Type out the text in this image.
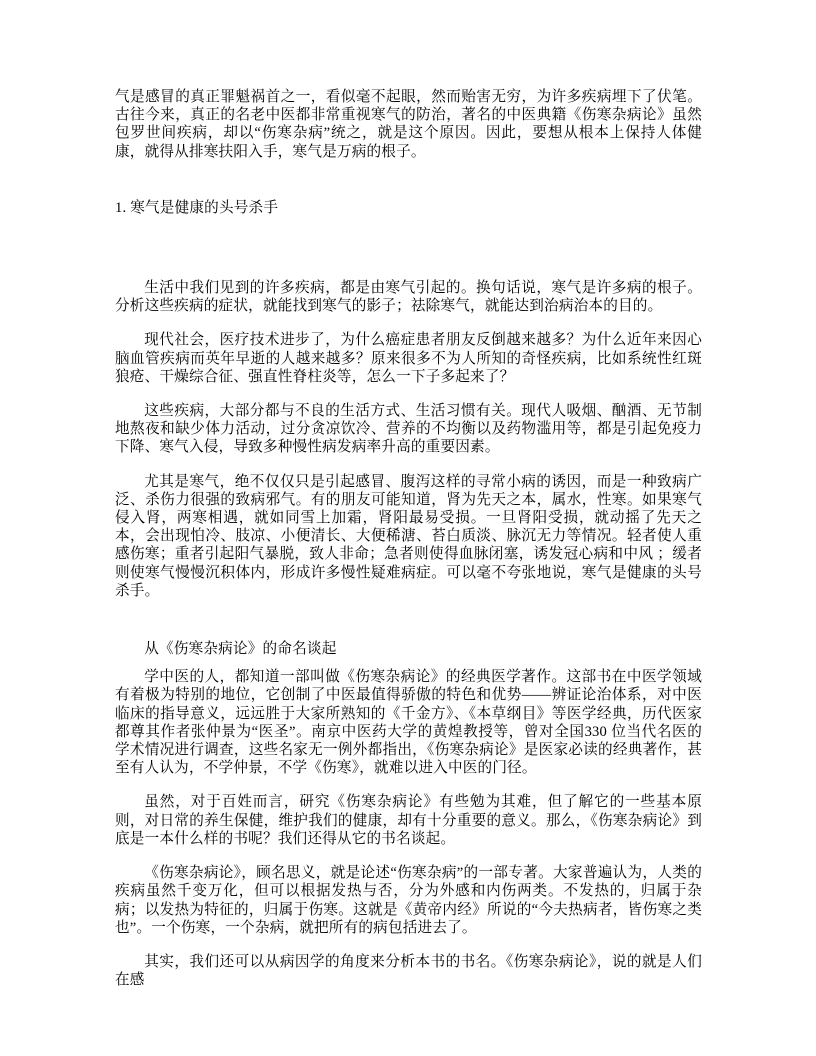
气是感冒的真正罪魁祸首之一，看似毫不起眼，然而贻害无穷，为许多疾病埋下了伏笔。古往今来，真正的名老中医都非常重视寒气的防治，著名的中医典籍《伤寒杂病论》虽然包罗世间疾病，却以“伤寒杂病”统之，就是这个原因。因此，要想从根本上保持人体健康，就得从排寒扶阳入手，寒气是万病的根子。

1. 寒气是健康的头号杀手

生活中我们见到的许多疾病，都是由寒气引起的。换句话说，寒气是许多病的根子。分析这些疾病的症状，就能找到寒气的影子；祛除寒气，就能达到治病治本的目的。

现代社会，医疗技术进步了，为什么癌症患者朋友反倒越来越多？为什么近年来因心脑血管疾病而英年早逝的人越来越多？原来很多不为人所知的奇怪疾病，比如系统性红斑狼疮、干燥综合征、强直性脊柱炎等，怎么一下子多起来了？

这些疾病，大部分都与不良的生活方式、生活习惯有关。现代人吸烟、酗酒、无节制地熬夜和缺少体力活动，过分贪凉饮冷、营养的不均衡以及药物滥用等，都是引起免疫力下降、寒气入侵，导致多种慢性病发病率升高的重要因素。

尤其是寒气，绝不仅仅只是引起感冒、腹泻这样的寻常小病的诱因，而是一种致病广泛、杀伤力很强的致病邪气。有的朋友可能知道，肾为先天之本，属水，性寒。如果寒气侵入肾，两寒相遇，就如同雪上加霜，肾阳最易受损。一旦肾阳受损，就动摇了先天之本，会出现怕冷、肢凉、小便清长、大便稀溏、苔白质淡、脉沉无力等情况。轻者使人重感伤寒；重者引起阳气暴脱，致人非命；急者则使得血脉闭塞，诱发冠心病和中风 ；缓者则使寒气慢慢沉积体内，形成许多慢性疑难病症。可以毫不夸张地说，寒气是健康的头号杀手。

从《伤寒杂病论》的命名谈起

学中医的人，都知道一部叫做《伤寒杂病论》的经典医学著作。这部书在中医学领域有着极为特别的地位，它创制了中医最值得骄傲的特色和优势——辨证论治体系，对中医临床的指导意义，远远胜于大家所熟知的《千金方》、《本草纲目》等医学经典，历代医家都尊其作者张仲景为“医圣”。南京中医药大学的黄煌教授等，曾对全国330 位当代名医的学术情况进行调查，这些名家无一例外都指出，《伤寒杂病论》是医家必读的经典著作，甚至有人认为，不学仲景，不学《伤寒》，就难以进入中医的门径。

虽然，对于百姓而言，研究《伤寒杂病论》有些勉为其难，但了解它的一些基本原则，对日常的养生保健，维护我们的健康，却有十分重要的意义。那么，《伤寒杂病论》到底是一本什么样的书呢？我们还得从它的书名谈起。

《伤寒杂病论》，顾名思义，就是论述“伤寒杂病”的一部专著。大家普遍认为，人类的疾病虽然千变万化，但可以根据发热与否，分为外感和内伤两类。不发热的，归属于杂病；以发热为特征的，归属于伤寒。这就是《黄帝内经》所说的“今夫热病者，皆伤寒之类也”。一个伤寒，一个杂病，就把所有的病包括进去了。

其实，我们还可以从病因学的角度来分析本书的书名。《伤寒杂病论》，说的就是人们在感
